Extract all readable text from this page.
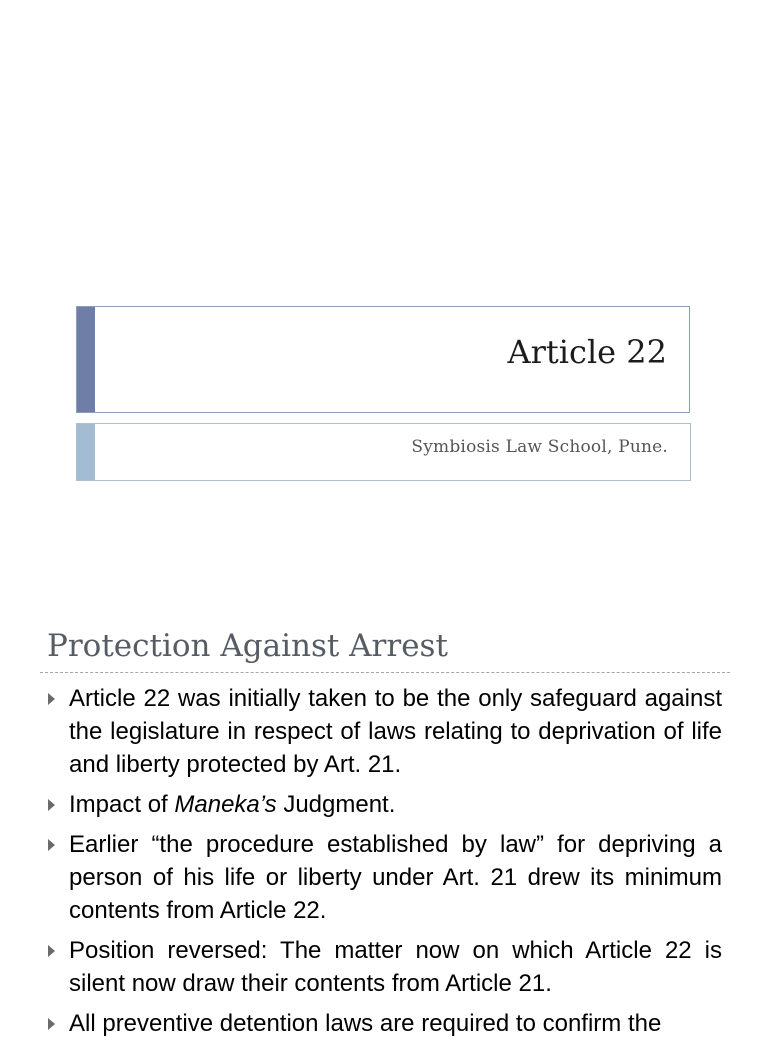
Article 22
Symbiosis Law School, Pune.
Protection Against Arrest
Article 22 was initially taken to be the only safeguard against the legislature in respect of laws relating to deprivation of life and liberty protected by Art. 21.
Impact of Maneka’s Judgment.
Earlier “the procedure established by law” for depriving a person of his life or liberty under Art. 21 drew its minimum contents from Article 22.
Position reversed: The matter now on which Article 22 is silent now draw their contents from Article 21.
All preventive detention laws are required to confirm the
